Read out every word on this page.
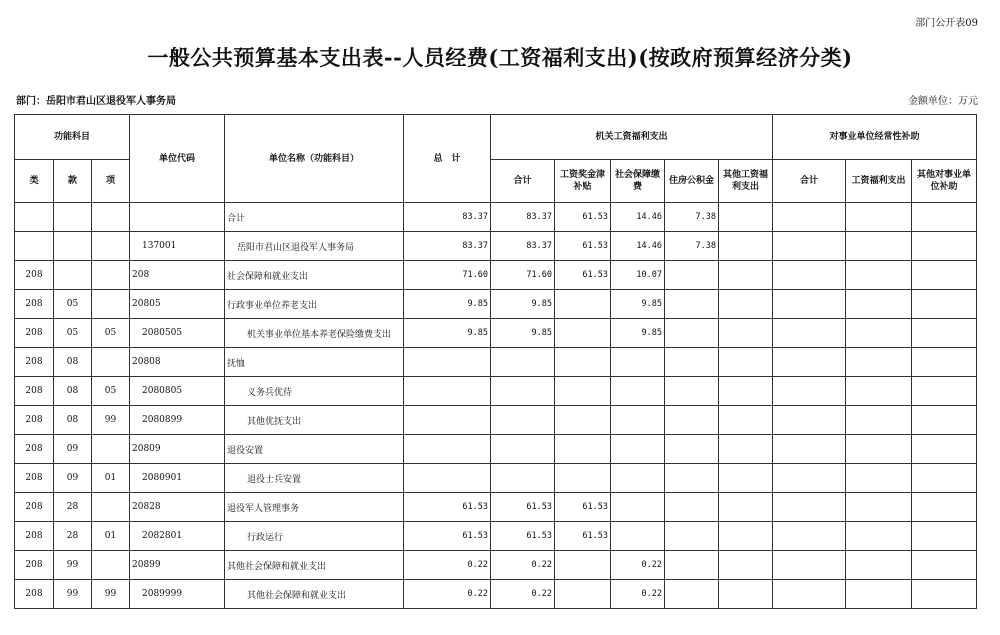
部门公开表09
一般公共预算基本支出表--人员经费(工资福利支出)(按政府预算经济分类)
部门：岳阳市君山区退役军人事务局	金额单位：万元
功能科目			单位代码	单位名称（功能科目）	总　计	机关工资福利支出					对事业单位经常性补助		
类	款	项				合计	工资奖金津补贴	社会保障缴费	住房公积金	其他工资福利支出	合计	工资福利支出	其他对事业单位补助
				合计	83.37	83.37	61.53	14.46	7.38				
			137001	岳阳市君山区退役军人事务局	83.37	83.37	61.53	14.46	7.38				
208			208	社会保障和就业支出	71.60	71.60	61.53	10.07					
208	05		20805	行政事业单位养老支出	9.85	9.85		9.85					
208	05	05	2080505	机关事业单位基本养老保险缴费支出	9.85	9.85		9.85					
208	08		20808	抚恤									
208	08	05	2080805	义务兵优待									
208	08	99	2080899	其他优抚支出									
208	09		20809	退役安置									
208	09	01	2080901	退役士兵安置									
208	28		20828	退役军人管理事务	61.53	61.53	61.53						
208	28	01	2082801	行政运行	61.53	61.53	61.53						
208	99		20899	其他社会保障和就业支出	0.22	0.22		0.22					
208	99	99	2089999	其他社会保障和就业支出	0.22	0.22		0.22					
